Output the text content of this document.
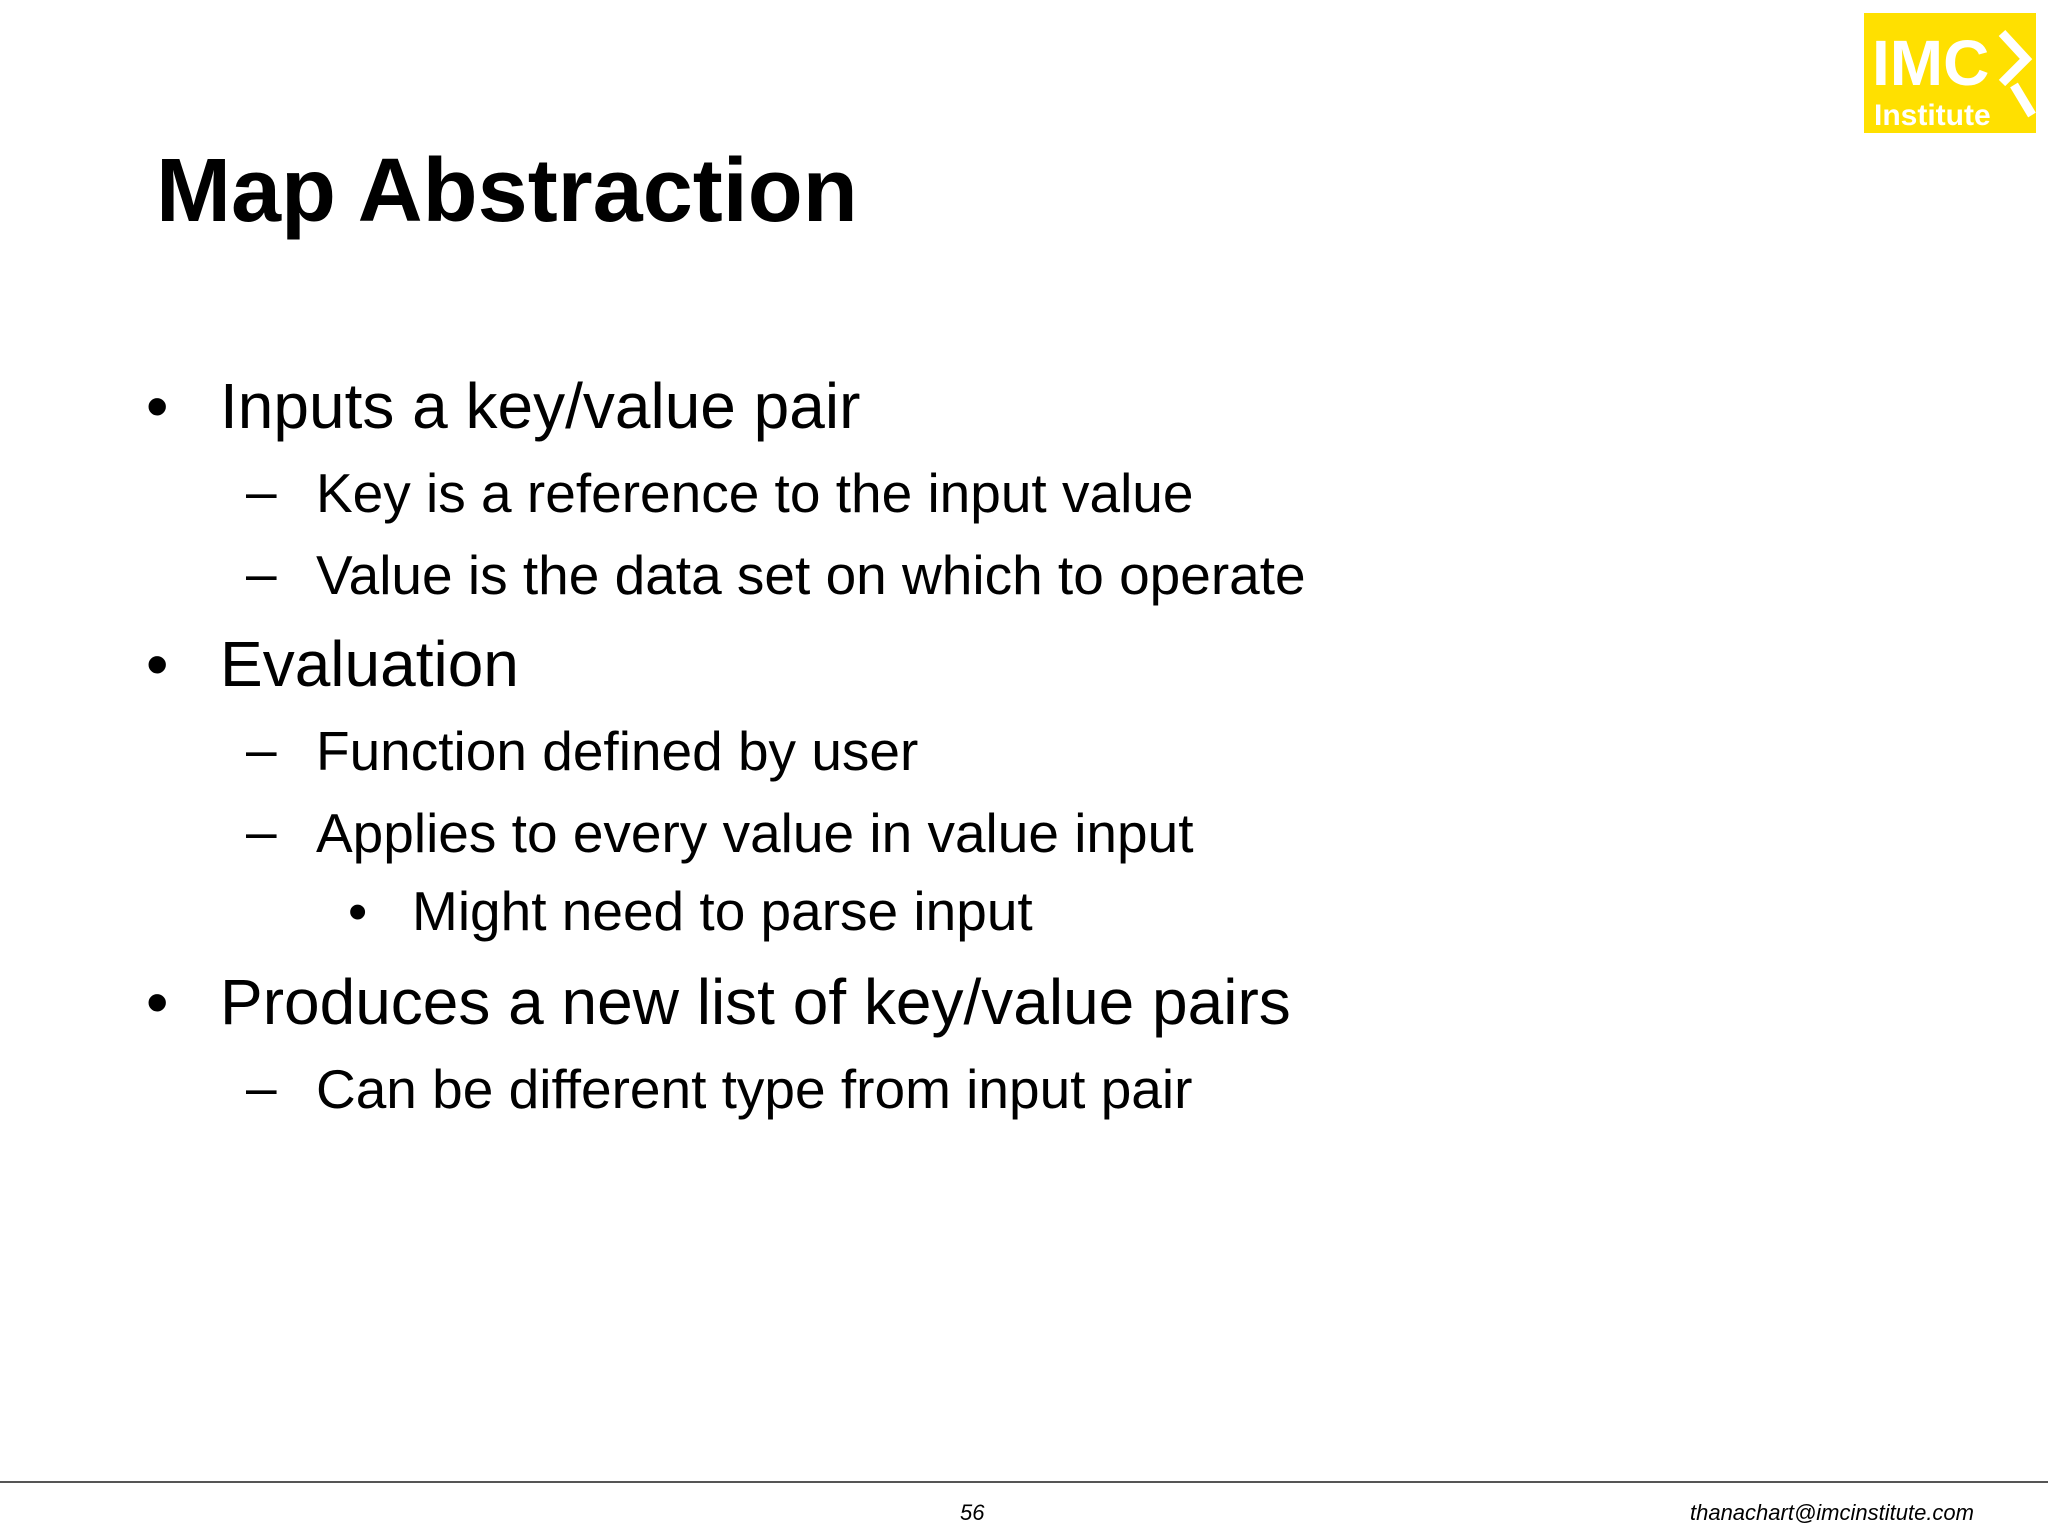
IMC
Institute
Map Abstraction
• Inputs a key/value pair
– Key is a reference to the input value
– Value is the data set on which to operate
• Evaluation
– Function defined by user
– Applies to every value in value input
• Might need to parse input
• Produces a new list of key/value pairs
– Can be different type from input pair
56	thanachart@imcinstitute.com
